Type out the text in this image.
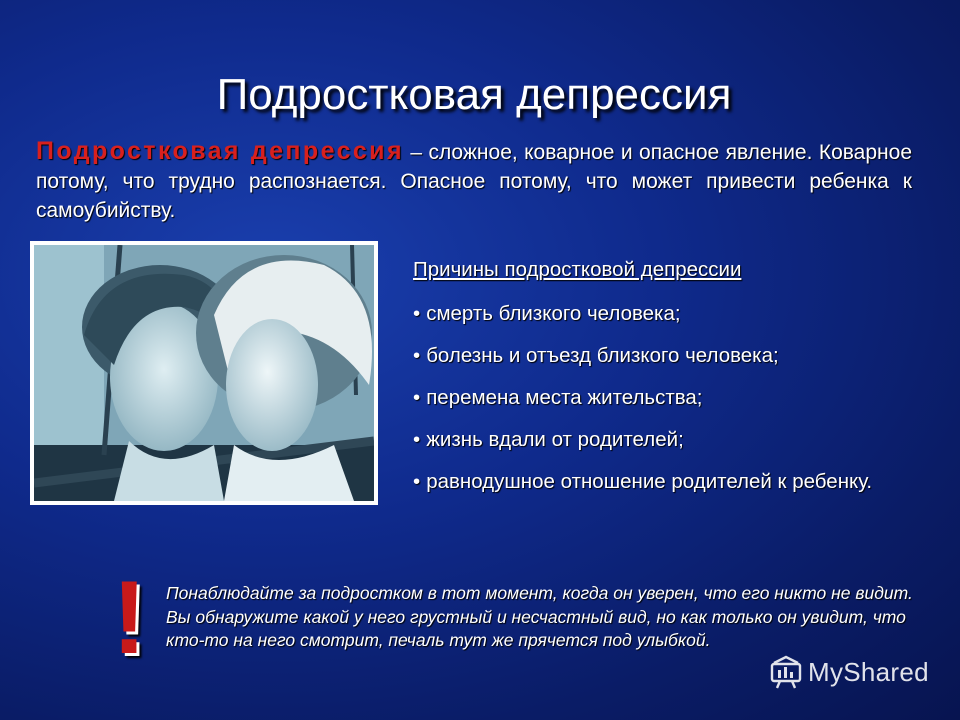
Подростковая депрессия
Подростковая депрессия – сложное, коварное и опасное явление. Коварное потому, что трудно распознается. Опасное потому, что может привести ребенка к самоубийству.
Причины подростковой депрессии
• смерть близкого человека;
• болезнь и отъезд близкого человека;
• перемена места жительства;
• жизнь вдали от родителей;
• равнодушное отношение родителей к ребенку.
! Понаблюдайте за подростком в тот момент, когда он уверен, что его никто не видит. Вы обнаружите какой у него грустный и несчастный вид, но как только он увидит, что кто-то на него смотрит, печаль тут же прячется под улыбкой.
MyShared
